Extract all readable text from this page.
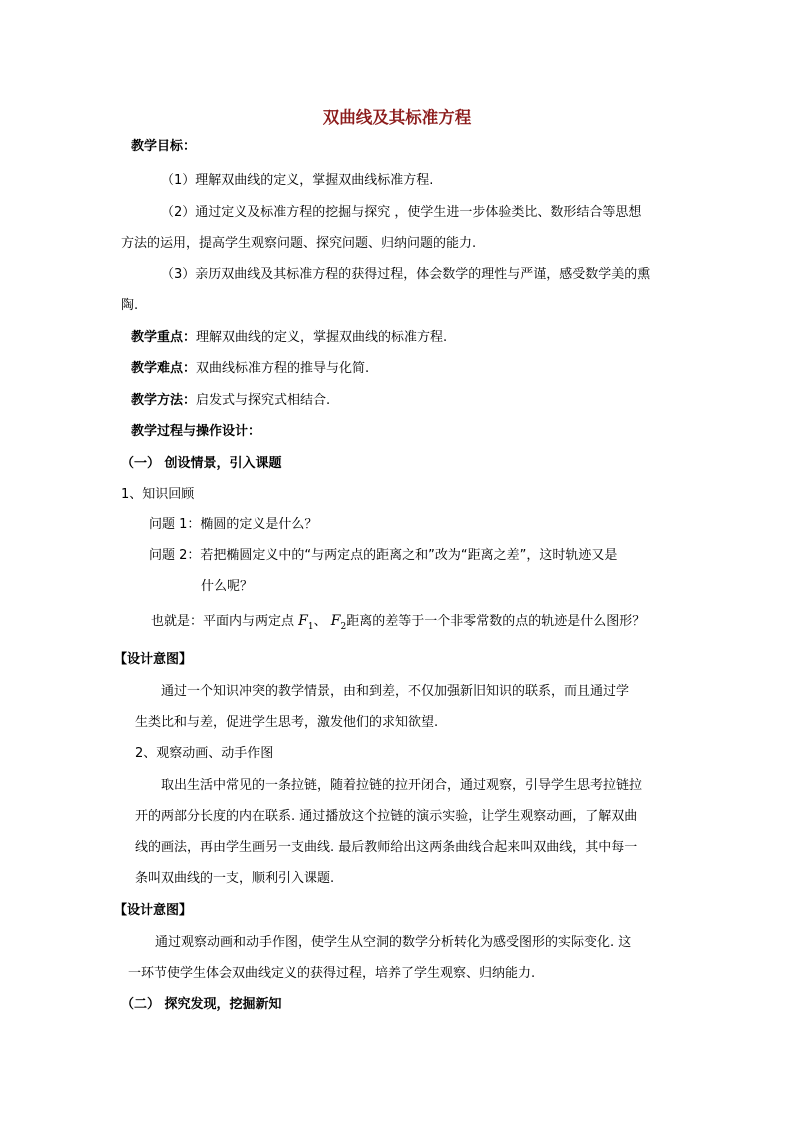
双曲线及其标准方程
教学目标：
（1）理解双曲线的定义，掌握双曲线标准方程.
（2）通过定义及标准方程的挖掘与探究 ，使学生进一步体验类比、数形结合等思想
方法的运用，提高学生观察问题、探究问题、归纳问题的能力.
（3）亲历双曲线及其标准方程的获得过程，体会数学的理性与严谨，感受数学美的熏
陶.
教学重点：理解双曲线的定义，掌握双曲线的标准方程.
教学难点：双曲线标准方程的推导与化简.
教学方法：启发式与探究式相结合.
教学过程与操作设计：
（一） 创设情景，引入课题
1、知识回顾
问题 1：椭圆的定义是什么？
问题 2：若把椭圆定义中的“与两定点的距离之和”改为“距离之差”，这时轨迹又是
什么呢？
也就是：平面内与两定点 $F_1$、 $F_2$距离的差等于一个非零常数的点的轨迹是什么图形？
【设计意图】
通过一个知识冲突的教学情景，由和到差，不仅加强新旧知识的联系，而且通过学
生类比和与差，促进学生思考，激发他们的求知欲望.
2、观察动画、动手作图
取出生活中常见的一条拉链，随着拉链的拉开闭合，通过观察，引导学生思考拉链拉
开的两部分长度的内在联系. 通过播放这个拉链的演示实验，让学生观察动画，了解双曲
线的画法，再由学生画另一支曲线. 最后教师给出这两条曲线合起来叫双曲线，其中每一
条叫双曲线的一支，顺利引入课题.
【设计意图】
通过观察动画和动手作图，使学生从空洞的数学分析转化为感受图形的实际变化. 这
一环节使学生体会双曲线定义的获得过程，培养了学生观察、归纳能力.
（二） 探究发现，挖掘新知
